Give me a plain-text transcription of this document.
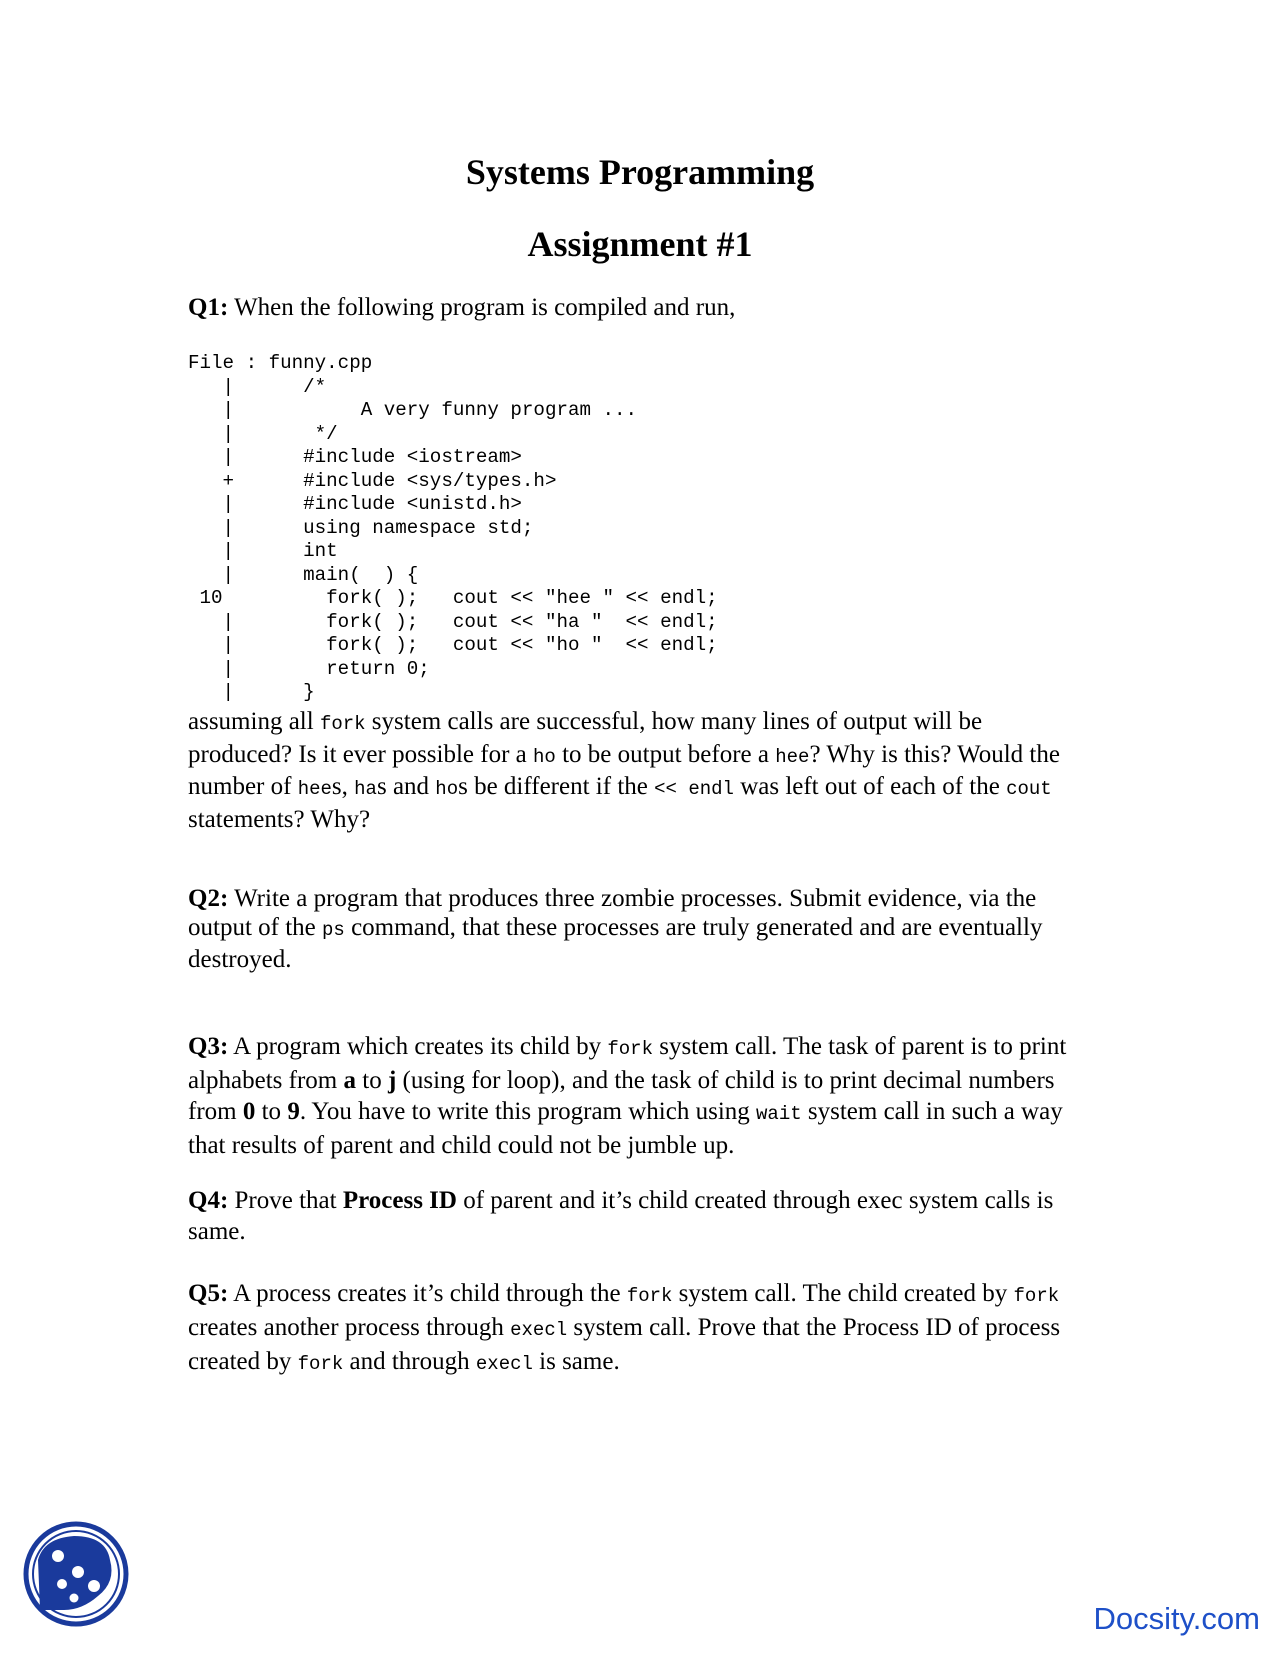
Systems Programming
Assignment #1
Q1: When the following program is compiled and run,
File : funny.cpp
|      /*
|           A very funny program ...
|       */
|      #include <iostream>
+      #include <sys/types.h>
|      #include <unistd.h>
|      using namespace std;
|      int
|      main(  ) {
10         fork( );   cout << "hee " << endl;
|        fork( );   cout << "ha "  << endl;
|        fork( );   cout << "ho "  << endl;
|        return 0;
|      }
assuming all fork system calls are successful, how many lines of output will be produced? Is it ever possible for a ho to be output before a hee? Why is this? Would the number of hees, has and hos be different if the << endl was left out of each of the cout statements? Why?
Q2: Write a program that produces three zombie processes. Submit evidence, via the output of the ps command, that these processes are truly generated and are eventually destroyed.
Q3: A program which creates its child by fork system call. The task of parent is to print alphabets from a to j (using for loop), and the task of child is to print decimal numbers from 0 to 9. You have to write this program which using wait system call in such a way that results of parent and child could not be jumble up.
Q4: Prove that Process ID of parent and it’s child created through exec system calls is same.
Q5: A process creates it’s child through the fork system call. The child created by fork creates another process through execl system call. Prove that the Process ID of process created by fork and through execl is same.
Docsity.com
